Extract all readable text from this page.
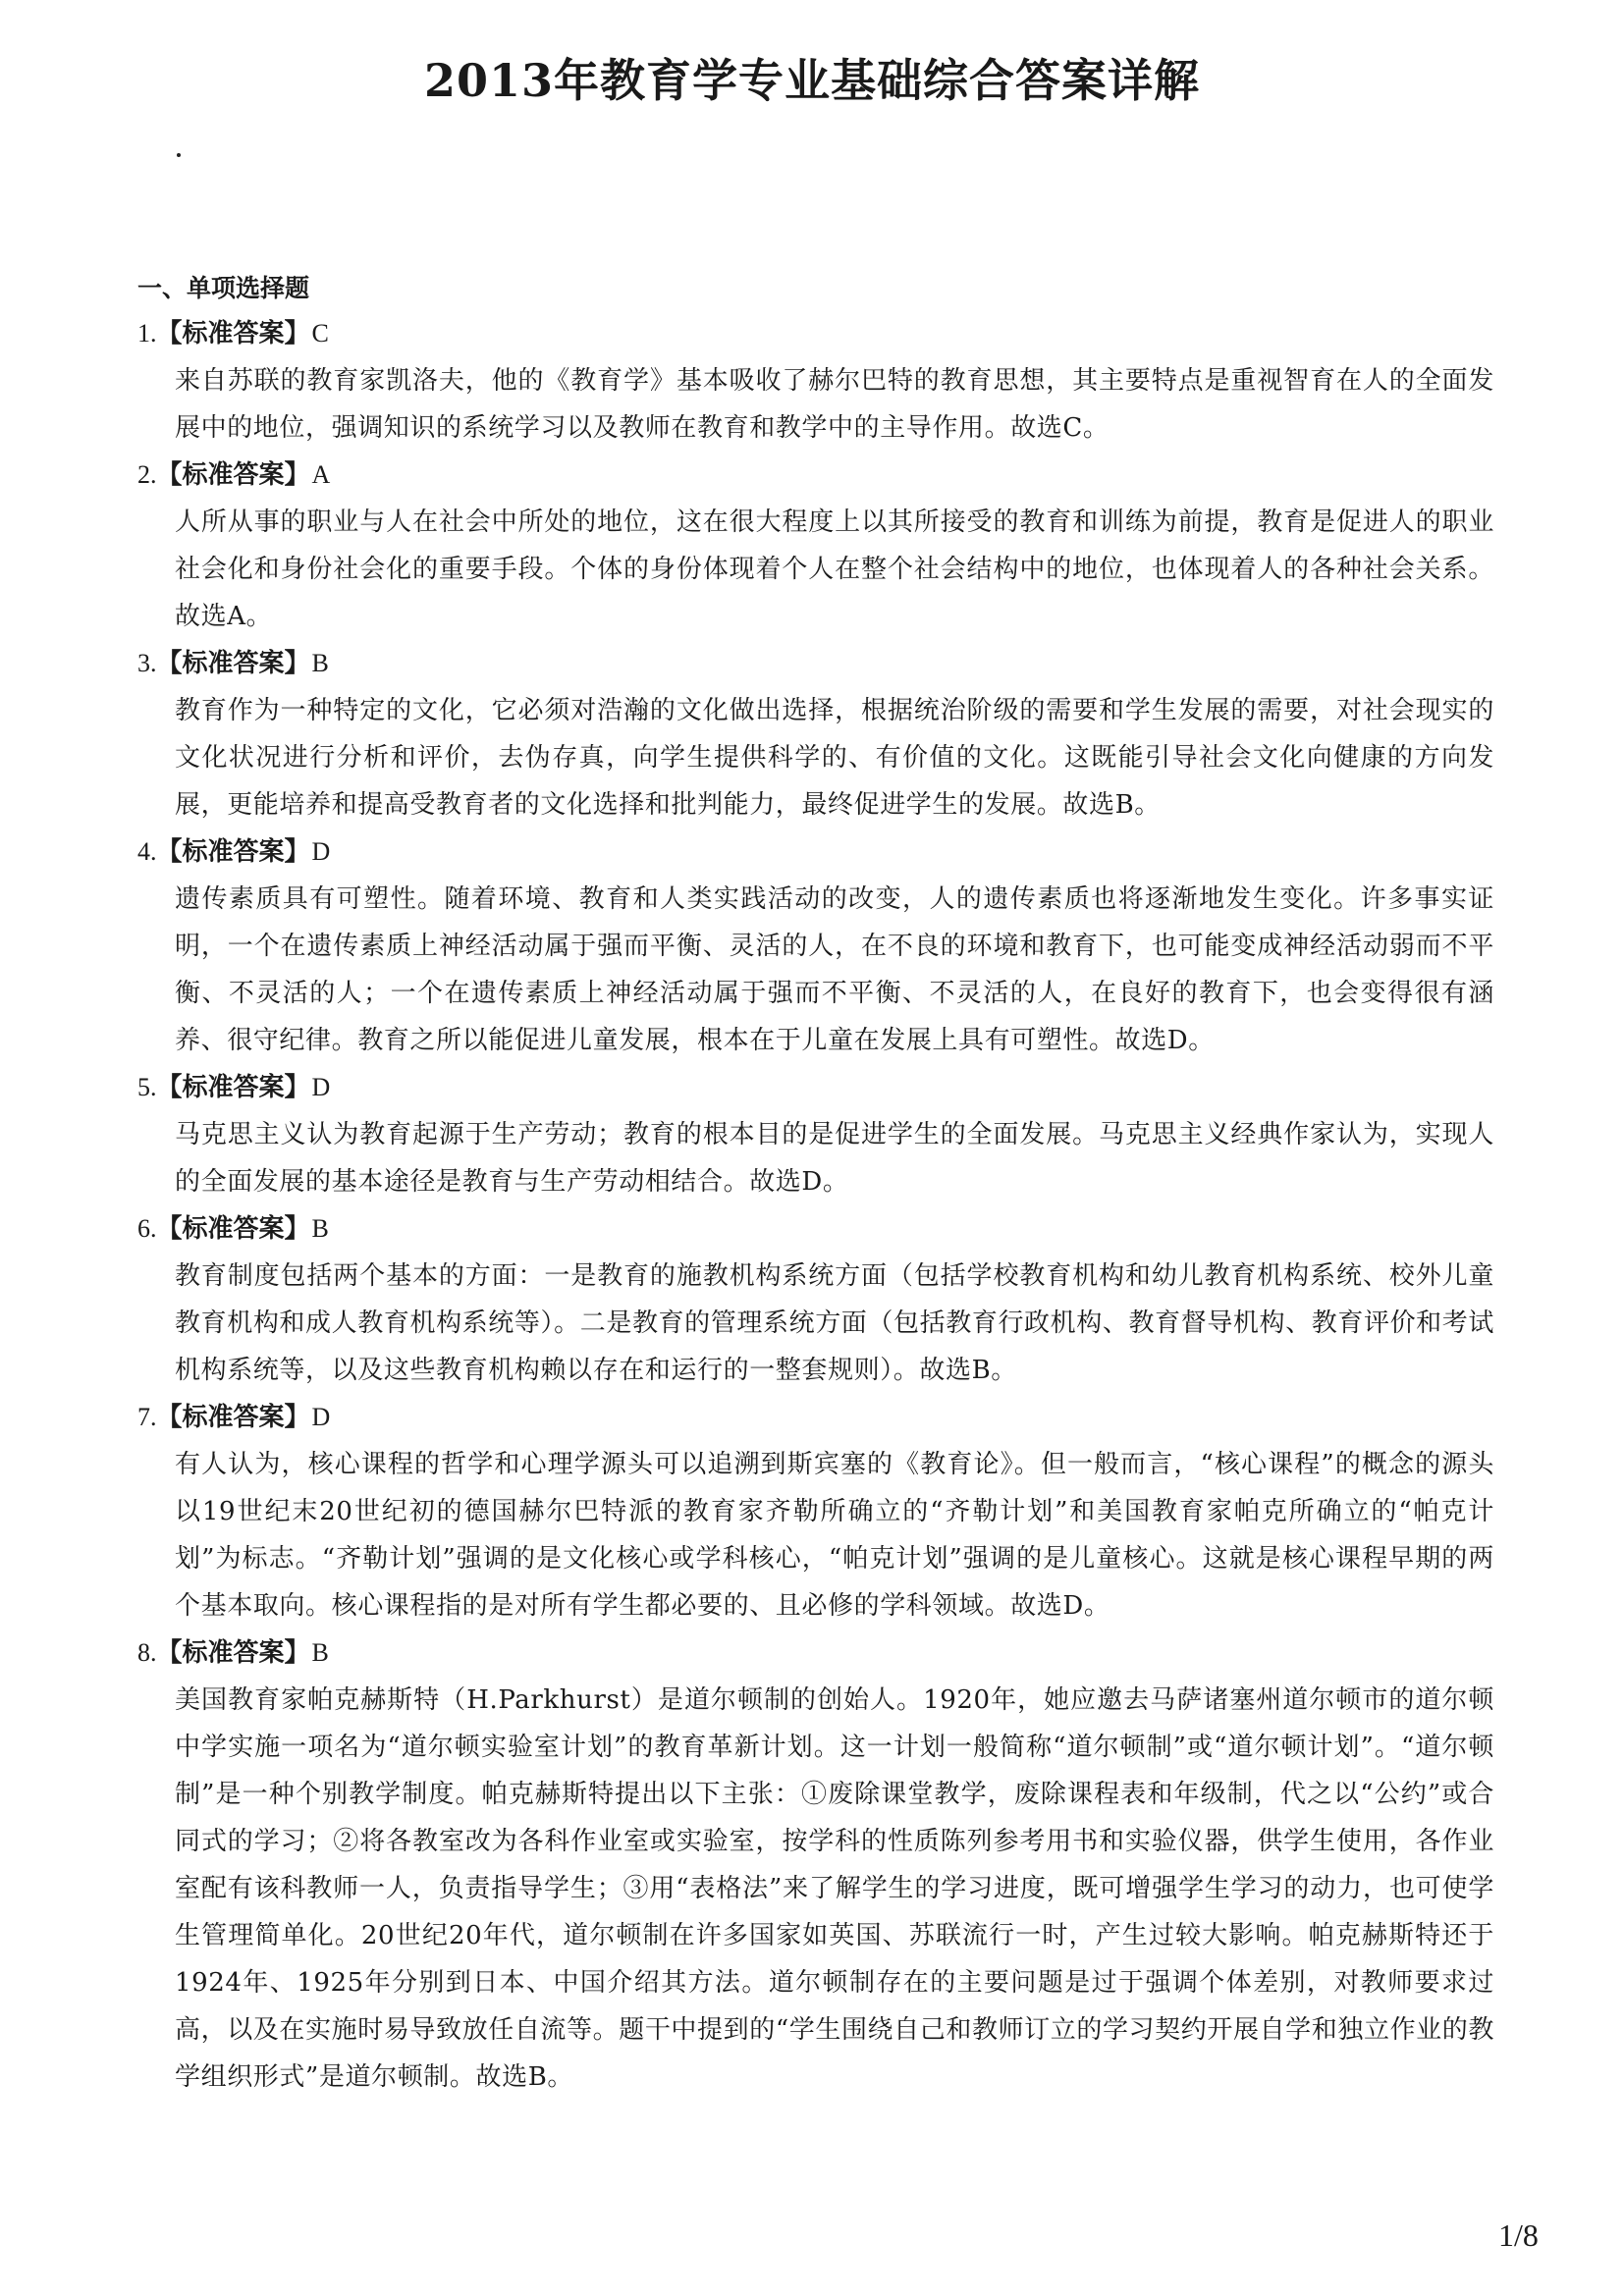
2013年教育学专业基础综合答案详解

一、单项选择题

1.【标准答案】C

来自苏联的教育家凯洛夫，他的《教育学》基本吸收了赫尔巴特的教育思想，其主要特点是重视智育在人的全面发展中的地位，强调知识的系统学习以及教师在教育和教学中的主导作用。故选C。

2.【标准答案】A

人所从事的职业与人在社会中所处的地位，这在很大程度上以其所接受的教育和训练为前提，教育是促进人的职业社会化和身份社会化的重要手段。个体的身份体现着个人在整个社会结构中的地位，也体现着人的各种社会关系。故选A。

3.【标准答案】B

教育作为一种特定的文化，它必须对浩瀚的文化做出选择，根据统治阶级的需要和学生发展的需要，对社会现实的文化状况进行分析和评价，去伪存真，向学生提供科学的、有价值的文化。这既能引导社会文化向健康的方向发展，更能培养和提高受教育者的文化选择和批判能力，最终促进学生的发展。故选B。

4.【标准答案】D

遗传素质具有可塑性。随着环境、教育和人类实践活动的改变，人的遗传素质也将逐渐地发生变化。许多事实证明，一个在遗传素质上神经活动属于强而平衡、灵活的人，在不良的环境和教育下，也可能变成神经活动弱而不平衡、不灵活的人；一个在遗传素质上神经活动属于强而不平衡、不灵活的人，在良好的教育下，也会变得很有涵养、很守纪律。教育之所以能促进儿童发展，根本在于儿童在发展上具有可塑性。故选D。

5.【标准答案】D

马克思主义认为教育起源于生产劳动；教育的根本目的是促进学生的全面发展。马克思主义经典作家认为，实现人的全面发展的基本途径是教育与生产劳动相结合。故选D。

6.【标准答案】B

教育制度包括两个基本的方面：一是教育的施教机构系统方面（包括学校教育机构和幼儿教育机构系统、校外儿童教育机构和成人教育机构系统等）。二是教育的管理系统方面（包括教育行政机构、教育督导机构、教育评价和考试机构系统等，以及这些教育机构赖以存在和运行的一整套规则）。故选B。

7.【标准答案】D

有人认为，核心课程的哲学和心理学源头可以追溯到斯宾塞的《教育论》。但一般而言，“核心课程”的概念的源头以19世纪末20世纪初的德国赫尔巴特派的教育家齐勒所确立的“齐勒计划”和美国教育家帕克所确立的“帕克计划”为标志。“齐勒计划”强调的是文化核心或学科核心，“帕克计划”强调的是儿童核心。这就是核心课程早期的两个基本取向。核心课程指的是对所有学生都必要的、且必修的学科领域。故选D。

8.【标准答案】B

美国教育家帕克赫斯特（H.Parkhurst）是道尔顿制的创始人。1920年，她应邀去马萨诸塞州道尔顿市的道尔顿中学实施一项名为“道尔顿实验室计划”的教育革新计划。这一计划一般简称“道尔顿制”或“道尔顿计划”。“道尔顿制”是一种个别教学制度。帕克赫斯特提出以下主张：①废除课堂教学，废除课程表和年级制，代之以“公约”或合同式的学习；②将各教室改为各科作业室或实验室，按学科的性质陈列参考用书和实验仪器，供学生使用，各作业室配有该科教师一人，负责指导学生；③用“表格法”来了解学生的学习进度，既可增强学生学习的动力，也可使学生管理简单化。20世纪20年代，道尔顿制在许多国家如英国、苏联流行一时，产生过较大影响。帕克赫斯特还于1924年、1925年分别到日本、中国介绍其方法。道尔顿制存在的主要问题是过于强调个体差别，对教师要求过高，以及在实施时易导致放任自流等。题干中提到的“学生围绕自己和教师订立的学习契约开展自学和独立作业的教学组织形式”是道尔顿制。故选B。

1/8
